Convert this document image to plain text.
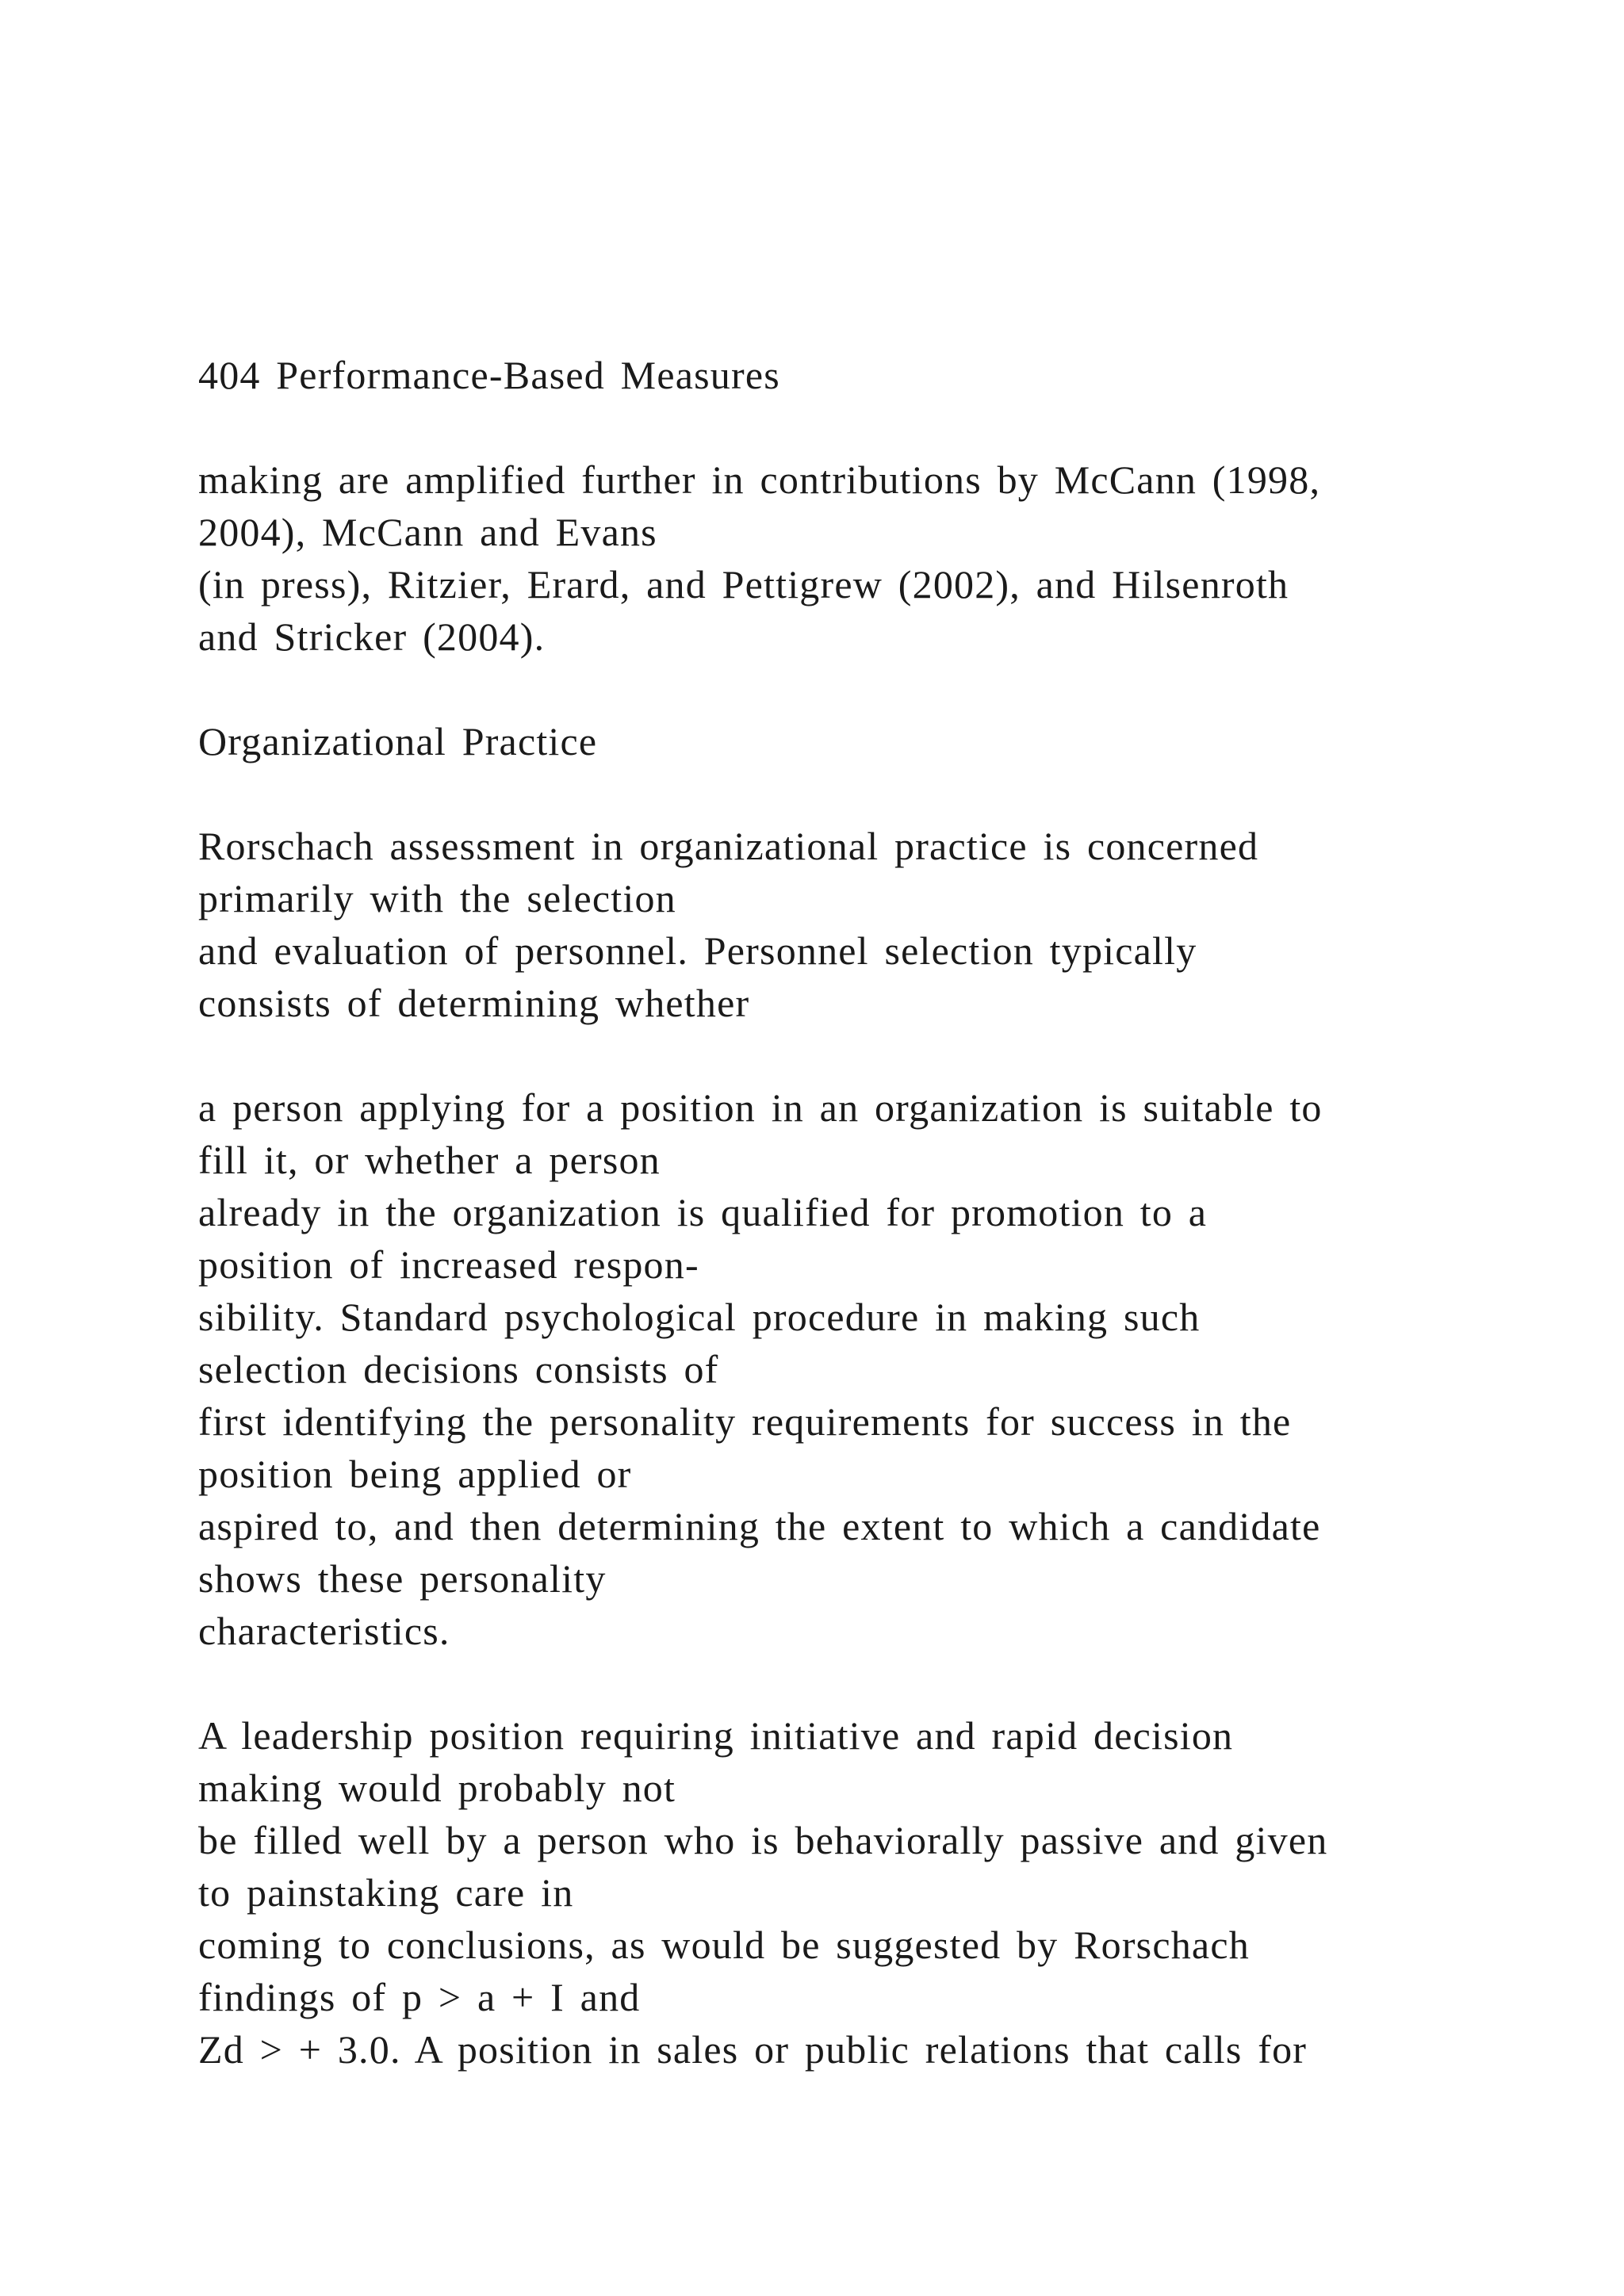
404 Performance-Based Measures
making are amplified further in contributions by McCann (1998,
2004), McCann and Evans
(in press), Ritzier, Erard, and Pettigrew (2002), and Hilsenroth
and Stricker (2004).
Organizational Practice
Rorschach assessment in organizational practice is concerned
primarily with the selection
and evaluation of personnel. Personnel selection typically
consists of determining whether
a person applying for a position in an organization is suitable to
fill it, or whether a person
already in the organization is qualified for promotion to a
position of increased respon-
sibility. Standard psychological procedure in making such
selection decisions consists of
first identifying the personality requirements for success in the
position being applied or
aspired to, and then determining the extent to which a candidate
shows these personality
characteristics.
A leadership position requiring initiative and rapid decision
making would probably not
be filled well by a person who is behaviorally passive and given
to painstaking care in
coming to conclusions, as would be suggested by Rorschach
findings of p > a + I and
Zd > + 3.0. A position in sales or public relations that calls for
